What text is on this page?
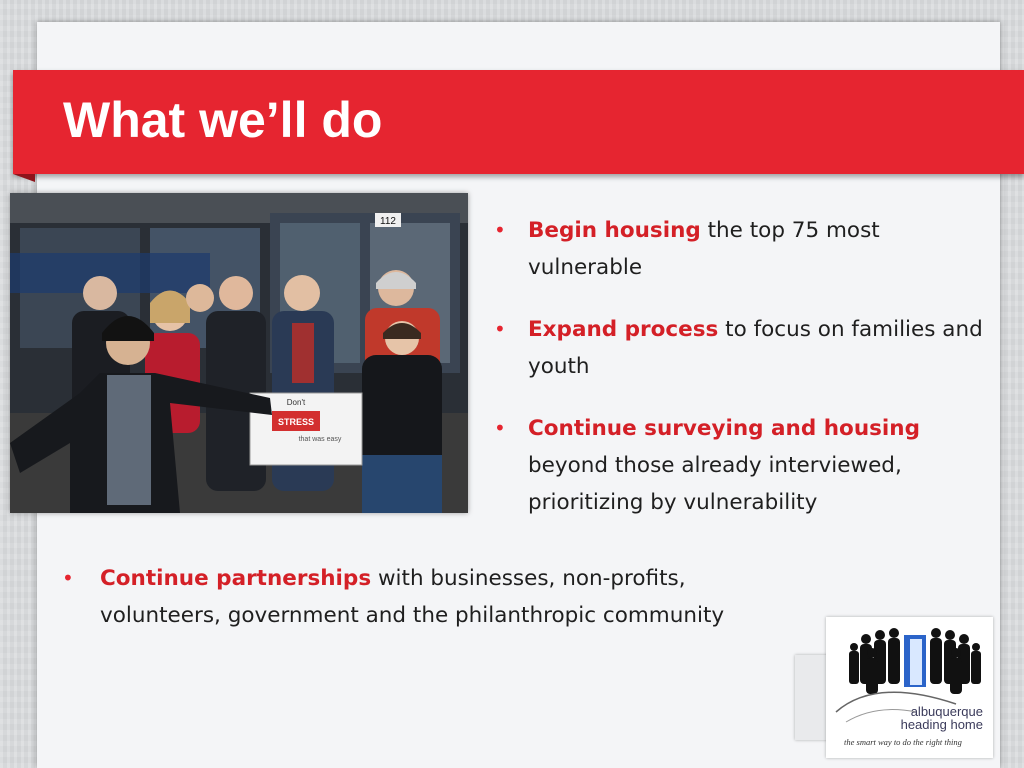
What we’ll do
112
STRESS
Don't
that was easy
• Begin housing the top 75 most vulnerable
• Expand process to focus on families and youth
• Continue surveying and housing beyond those already interviewed, prioritizing by vulnerability
• Continue partnerships with businesses, non-profits, volunteers, government and the philanthropic community
albuquerque
heading home
the smart way to do the right thing
